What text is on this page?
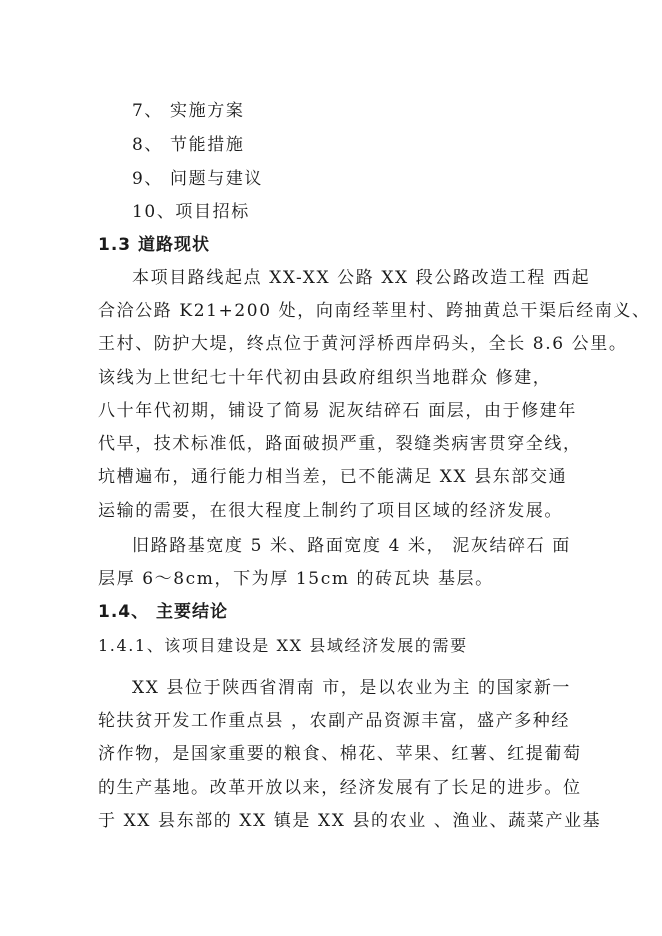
7、 实施方案
8、 节能措施
9、 问题与建议
10、项目招标
1.3 道路现状
本项目路线起点 XX-XX 公路 XX 段公路改造工程 西起
合洽公路 K21+200 处，向南经莘里村、跨抽黄总干渠后经南义、
王村、防护大堤，终点位于黄河浮桥西岸码头，全长 8.6 公里。
该线为上世纪七十年代初由县政府组织当地群众 修建，
八十年代初期，铺设了简易 泥灰结碎石 面层，由于修建年
代早，技术标准低，路面破损严重，裂缝类病害贯穿全线，
坑槽遍布，通行能力相当差，已不能满足 XX 县东部交通
运输的需要，在很大程度上制约了项目区域的经济发展。
旧路路基宽度 5 米、路面宽度 4 米， 泥灰结碎石 面
层厚 6～8cm，下为厚 15cm 的砖瓦块 基层。
1.4、 主要结论
1.4.1、该项目建设是 XX 县域经济发展的需要
XX 县位于陕西省渭南 市，是以农业为主 的国家新一
轮扶贫开发工作重点县 ，农副产品资源丰富，盛产多种经
济作物，是国家重要的粮食、棉花、苹果、红薯、红提葡萄
的生产基地。改革开放以来，经济发展有了长足的进步。位
于 XX 县东部的 XX 镇是 XX 县的农业 、渔业、蔬菜产业基
